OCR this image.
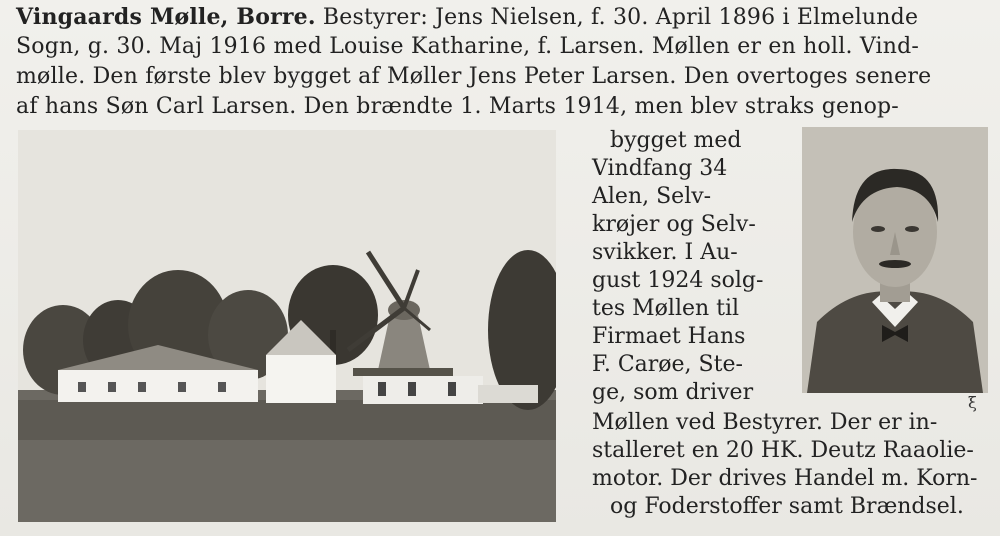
Vingaards Mølle, Borre. Bestyrer: Jens Nielsen, f. 30. April 1896 i Elmelunde
Sogn, g. 30. Maj 1916 med Louise Katharine, f. Larsen. Møllen er en holl. Vind-
mølle. Den første blev bygget af Møller Jens Peter Larsen. Den overtoges senere
af hans Søn Carl Larsen. Den brændte 1. Marts 1914, men blev straks genop-
bygget med
Vindfang 34
Alen, Selv-
krøjer og Selv-
svikker. I Au-
gust 1924 solg-
tes Møllen til
Firmaet Hans
F. Carøe, Ste-
ge, som driver	ξ
Møllen ved Bestyrer. Der er in-
stalleret en 20 HK. Deutz Raaolie-
motor. Der drives Handel m. Korn-
og Foderstoffer samt Brændsel.
